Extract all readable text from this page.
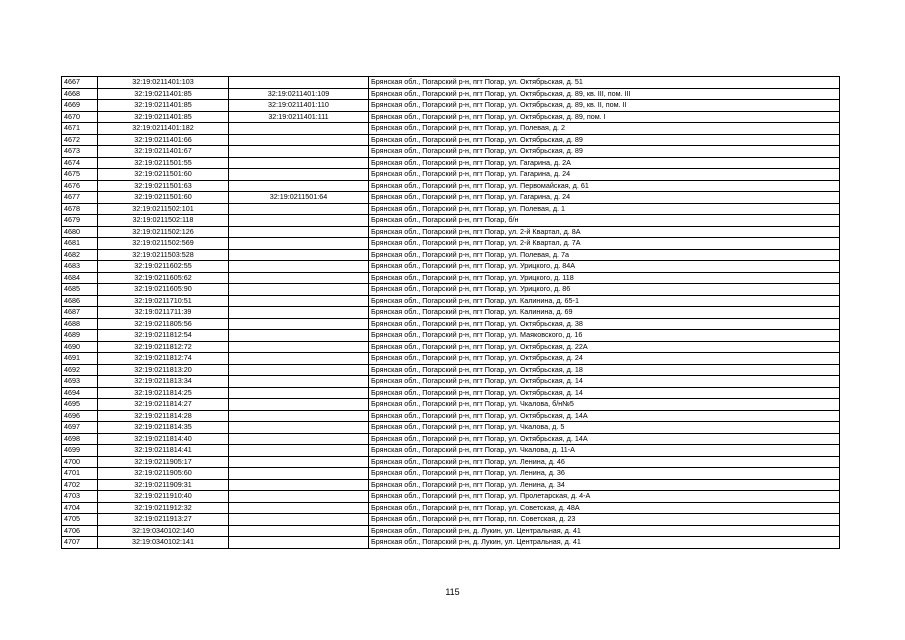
4667	32:19:0211401:103		Брянская обл., Погарский р-н, пгт Погар, ул. Октябрьская, д. 51
4668	32:19:0211401:85	32:19:0211401:109	Брянская обл., Погарский р-н, пгт Погар, ул. Октябрьская, д. 89, кв. III, пом. III
4669	32:19:0211401:85	32:19:0211401:110	Брянская обл., Погарский р-н, пгт Погар, ул. Октябрьская, д. 89, кв. II, пом. II
4670	32:19:0211401:85	32:19:0211401:111	Брянская обл., Погарский р-н, пгт Погар, ул. Октябрьская, д. 89, пом. I
4671	32:19:0211401:182		Брянская обл., Погарский р-н, пгт Погар, ул. Полевая, д. 2
4672	32:19:0211401:66		Брянская обл., Погарский р-н, пгт Погар, ул. Октябрьская, д. 89
4673	32:19:0211401:67		Брянская обл., Погарский р-н, пгт Погар, ул. Октябрьская, д. 89
4674	32:19:0211501:55		Брянская обл., Погарский р-н, пгт Погар, ул. Гагарина, д. 2А
4675	32:19:0211501:60		Брянская обл., Погарский р-н, пгт Погар, ул. Гагарина, д. 24
4676	32:19:0211501:63		Брянская обл., Погарский р-н, пгт Погар, ул. Первомайская, д. 61
4677	32:19:0211501:60	32:19:0211501:64	Брянская обл., Погарский р-н, пгт Погар, ул. Гагарина, д. 24
4678	32:19:0211502:101		Брянская обл., Погарский р-н, пгт Погар, ул. Полевая, д. 1
4679	32:19:0211502:118		Брянская обл., Погарский р-н, пгт Погар, б/н
4680	32:19:0211502:126		Брянская обл., Погарский р-н, пгт Погар, ул. 2-й Квартал, д. 8А
4681	32:19:0211502:569		Брянская обл., Погарский р-н, пгт Погар, ул. 2-й Квартал, д. 7А
4682	32:19:0211503:528		Брянская обл., Погарский р-н, пгт Погар, ул. Полевая, д. 7а
4683	32:19:0211602:55		Брянская обл., Погарский р-н, пгт Погар, ул. Урицкого, д. 84А
4684	32:19:0211605:62		Брянская обл., Погарский р-н, пгт Погар, ул. Урицкого, д. 118
4685	32:19:0211605:90		Брянская обл., Погарский р-н, пгт Погар, ул. Урицкого, д. 86
4686	32:19:0211710:51		Брянская обл., Погарский р-н, пгт Погар, ул. Калинина, д. 65-1
4687	32:19:0211711:39		Брянская обл., Погарский р-н, пгт Погар, ул. Калинина, д. 69
4688	32:19:0211805:56		Брянская обл., Погарский р-н, пгт Погар, ул. Октябрьская, д. 38
4689	32:19:0211812:54		Брянская обл., Погарский р-н, пгт Погар, ул. Маяковского, д. 16
4690	32:19:0211812:72		Брянская обл., Погарский р-н, пгт Погар, ул. Октябрьская, д. 22А
4691	32:19:0211812:74		Брянская обл., Погарский р-н, пгт Погар, ул. Октябрьская, д. 24
4692	32:19:0211813:20		Брянская обл., Погарский р-н, пгт Погар, ул. Октябрьская, д. 18
4693	32:19:0211813:34		Брянская обл., Погарский р-н, пгт Погар, ул. Октябрьская, д. 14
4694	32:19:0211814:25		Брянская обл., Погарский р-н, пгт Погар, ул. Октябрьская, д. 14
4695	32:19:0211814:27		Брянская обл., Погарский р-н, пгт Погар, ул. Чкалова, б/н№5
4696	32:19:0211814:28		Брянская обл., Погарский р-н, пгт Погар, ул. Октябрьская, д. 14А
4697	32:19:0211814:35		Брянская обл., Погарский р-н, пгт Погар, ул. Чкалова, д. 5
4698	32:19:0211814:40		Брянская обл., Погарский р-н, пгт Погар, ул. Октябрьская, д. 14А
4699	32:19:0211814:41		Брянская обл., Погарский р-н, пгт Погар, ул. Чкалова, д. 11-А
4700	32:19:0211905:17		Брянская обл., Погарский р-н, пгт Погар, ул. Ленина, д. 46
4701	32:19:0211905:60		Брянская обл., Погарский р-н, пгт Погар, ул. Ленина, д. 36
4702	32:19:0211909:31		Брянская обл., Погарский р-н, пгт Погар, ул. Ленина, д. 34
4703	32:19:0211910:40		Брянская обл., Погарский р-н, пгт Погар, ул. Пролетарская, д. 4-А
4704	32:19:0211912:32		Брянская обл., Погарский р-н, пгт Погар, ул. Советская, д. 48А
4705	32:19:0211913:27		Брянская обл., Погарский р-н, пгт Погар, пл. Советская, д. 23
4706	32:19:0340102:140		Брянская обл., Погарский р-н, д. Лукин, ул. Центральная, д. 41
4707	32:19:0340102:141		Брянская обл., Погарский р-н, д. Лукин, ул. Центральная, д. 41
115
